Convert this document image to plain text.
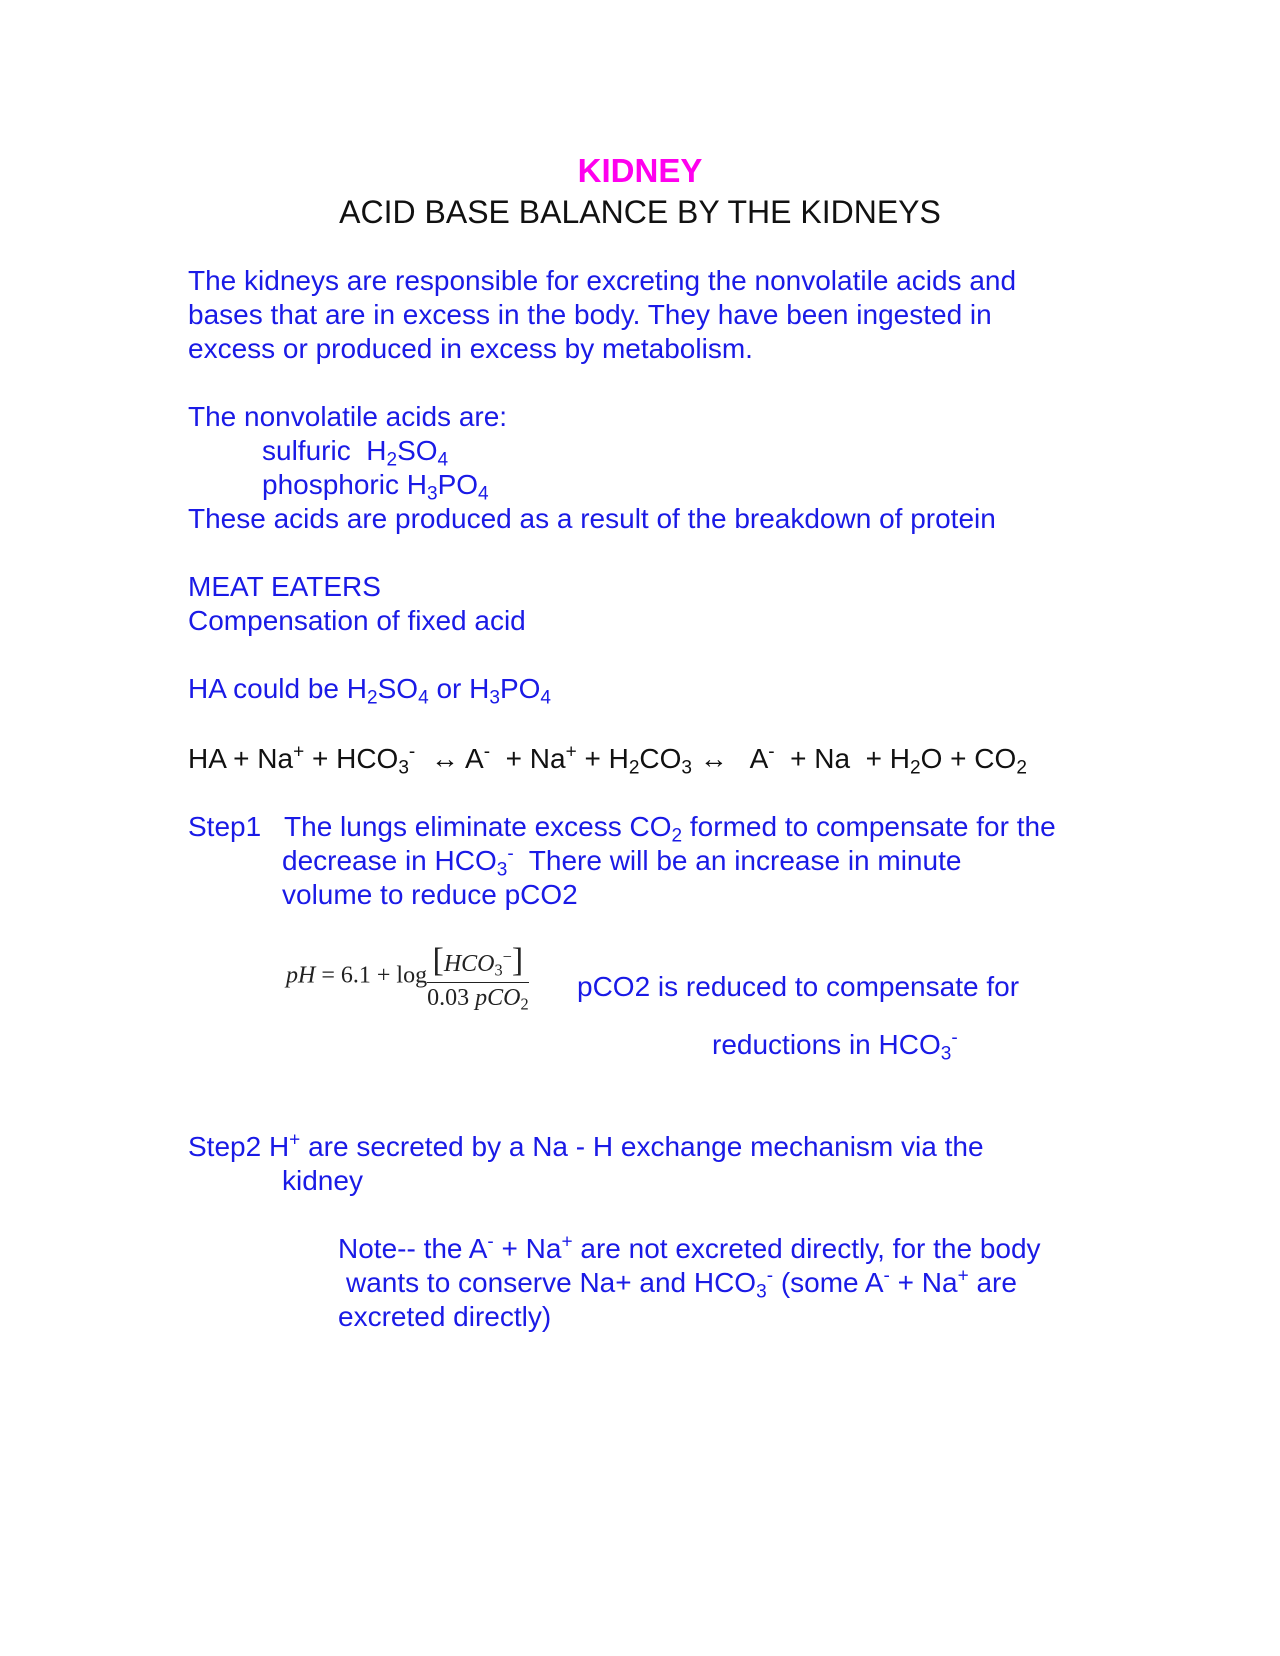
KIDNEY
ACID BASE BALANCE BY THE KIDNEYS
The kidneys are responsible for excreting the nonvolatile acids and
bases that are in excess in the body. They have been ingested in
excess or produced in excess by metabolism.
The nonvolatile acids are:
sulfuric  $H_2SO_4$
phosphoric $H_3PO_4$
These acids are produced as a result of the breakdown of protein
MEAT EATERS
Compensation of fixed acid
HA could be $H_2SO_4$ or $H_3PO_4$
HA + $Na^+ + HCO_3^-$  ↔ $A^- + Na^+ + H_2CO_3$ ↔   $A^- + Na + H_2O + CO_2$
Step1 The lungs eliminate excess $CO_2$ formed to compensate for the
decrease in $HCO_3^-$ There will be an increase in minute
volume to reduce pCO2
pH = $6.1 + \log \frac{[HCO_3^-]}{0.03 pCO_2} pCO2$ is reduced to compensate for
reductions in $HCO_3^-$
Step2 H+ are secreted by a Na - H exchange mechanism via the
kidney
Note-- the A- + Na+ are not excreted directly, for the body
wants to conserve Na+ and $HCO_3^-$ (some A- + Na+ are
excreted directly)
